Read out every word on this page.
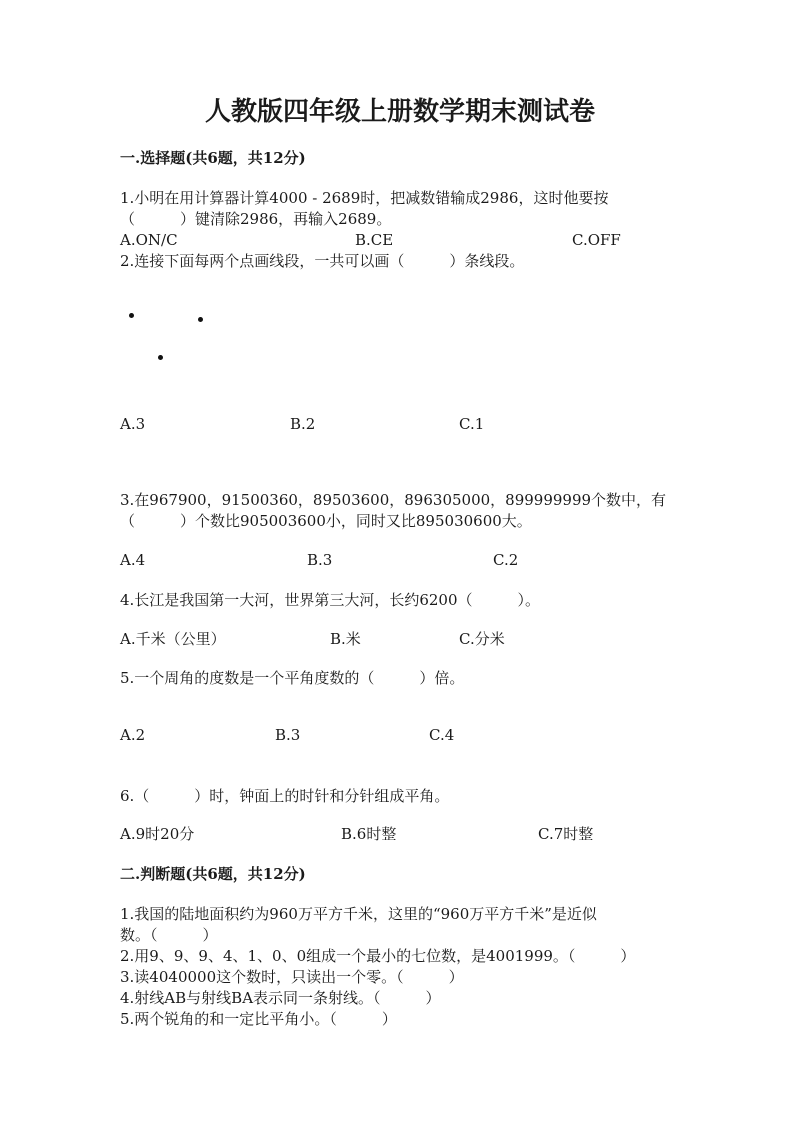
人教版四年级上册数学期末测试卷
一.选择题(共6题，共12分)
1.小明在用计算器计算4000 - 2689时，把减数错输成2986，这时他要按
（　　　）键清除2986，再输入2689。
A.ON/C	B.CE	C.OFF
2.连接下面每两个点画线段，一共可以画（　　　）条线段。
A.3	B.2	C.1
3.在967900，91500360，89503600，896305000，899999999个数中，有
（　　　）个数比905003600小，同时又比895030600大。
A.4	B.3	C.2
4.长江是我国第一大河，世界第三大河，长约6200（　　　）。
A.千米（公里）	B.米	C.分米
5.一个周角的度数是一个平角度数的（　　　）倍。
A.2	B.3	C.4
6.（　　　）时，钟面上的时针和分针组成平角。
A.9时20分	B.6时整	C.7时整
二.判断题(共6题，共12分)
1.我国的陆地面积约为960万平方千米，这里的“960万平方千米”是近似
数。（　　　）
2.用9、9、9、4、1、0、0组成一个最小的七位数，是4001999。（　　　）
3.读4040000这个数时，只读出一个零。（　　　）
4.射线AB与射线BA表示同一条射线。（　　　）
5.两个锐角的和一定比平角小。（　　　）
